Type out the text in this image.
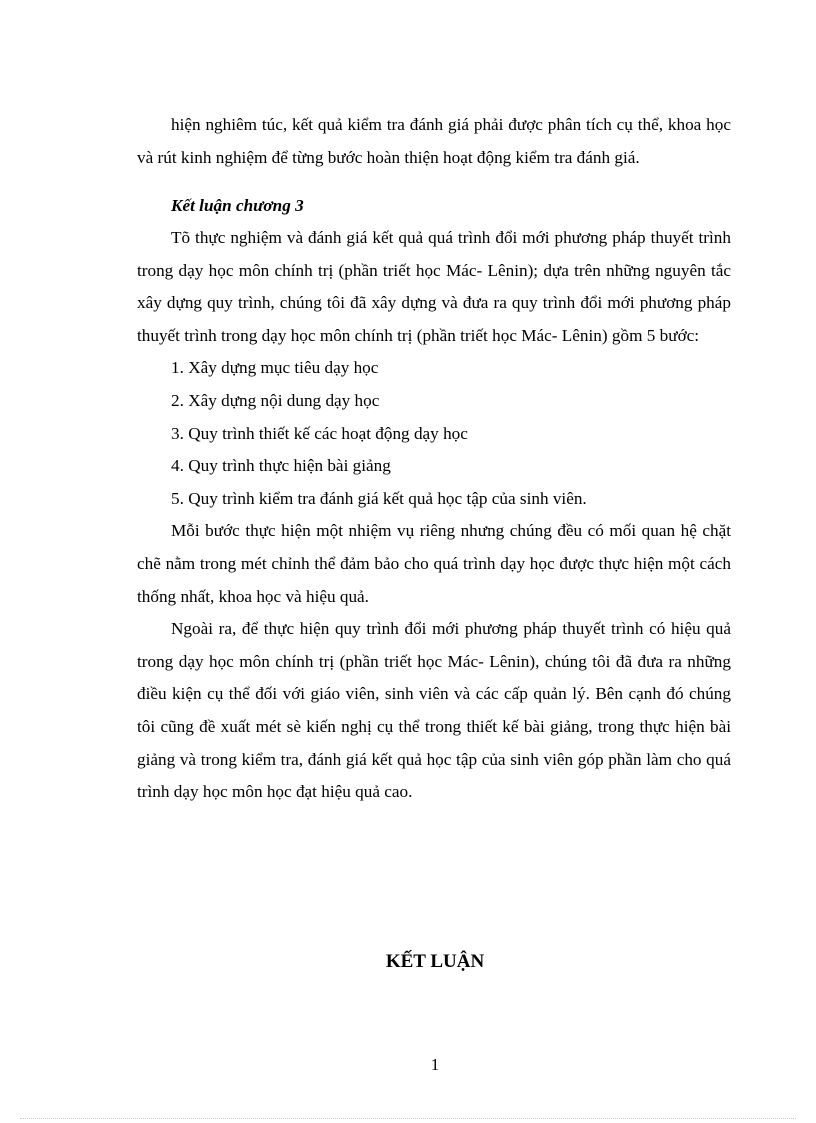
hiện nghiêm túc, kết quả kiểm tra đánh giá phải được phân tích cụ thể, khoa học và rút kinh nghiệm để từng bước hoàn thiện hoạt động kiểm tra đánh giá.

Kết luận chương 3

Tõ thực nghiệm và đánh giá kết quả quá trình đổi mới phương pháp thuyết trình trong dạy học môn chính trị (phần triết học Mác- Lênin); dựa trên những nguyên tắc xây dựng quy trình, chúng tôi đã xây dựng và đưa ra quy trình đổi mới phương pháp thuyết trình trong dạy học môn chính trị (phần triết học Mác- Lênin) gồm 5 bước:

1. Xây dựng mục tiêu dạy học
2. Xây dựng nội dung dạy học
3. Quy trình thiết kế các hoạt động dạy học
4. Quy trình thực hiện bài giảng
5. Quy trình kiểm tra đánh giá kết quả học tập của sinh viên.

Mỗi bước thực hiện một nhiệm vụ riêng nhưng chúng đều có mối quan hệ chặt chẽ nằm trong mét chỉnh thể đảm bảo cho quá trình dạy học được thực hiện một cách thống nhất, khoa học và hiệu quả.

Ngoài ra, để thực hiện quy trình đổi mới phương pháp thuyết trình có hiệu quả trong dạy học môn chính trị (phần triết học Mác- Lênin), chúng tôi đã đưa ra những điều kiện cụ thể đối với giáo viên, sinh viên và các cấp quản lý. Bên cạnh đó chúng tôi cũng đề xuất mét sè kiến nghị cụ thể trong thiết kế bài giảng, trong thực hiện bài giảng và trong kiểm tra, đánh giá kết quả học tập của sinh viên góp phần làm cho quá trình dạy học môn học đạt hiệu quả cao.

KẾT LUẬN
1
